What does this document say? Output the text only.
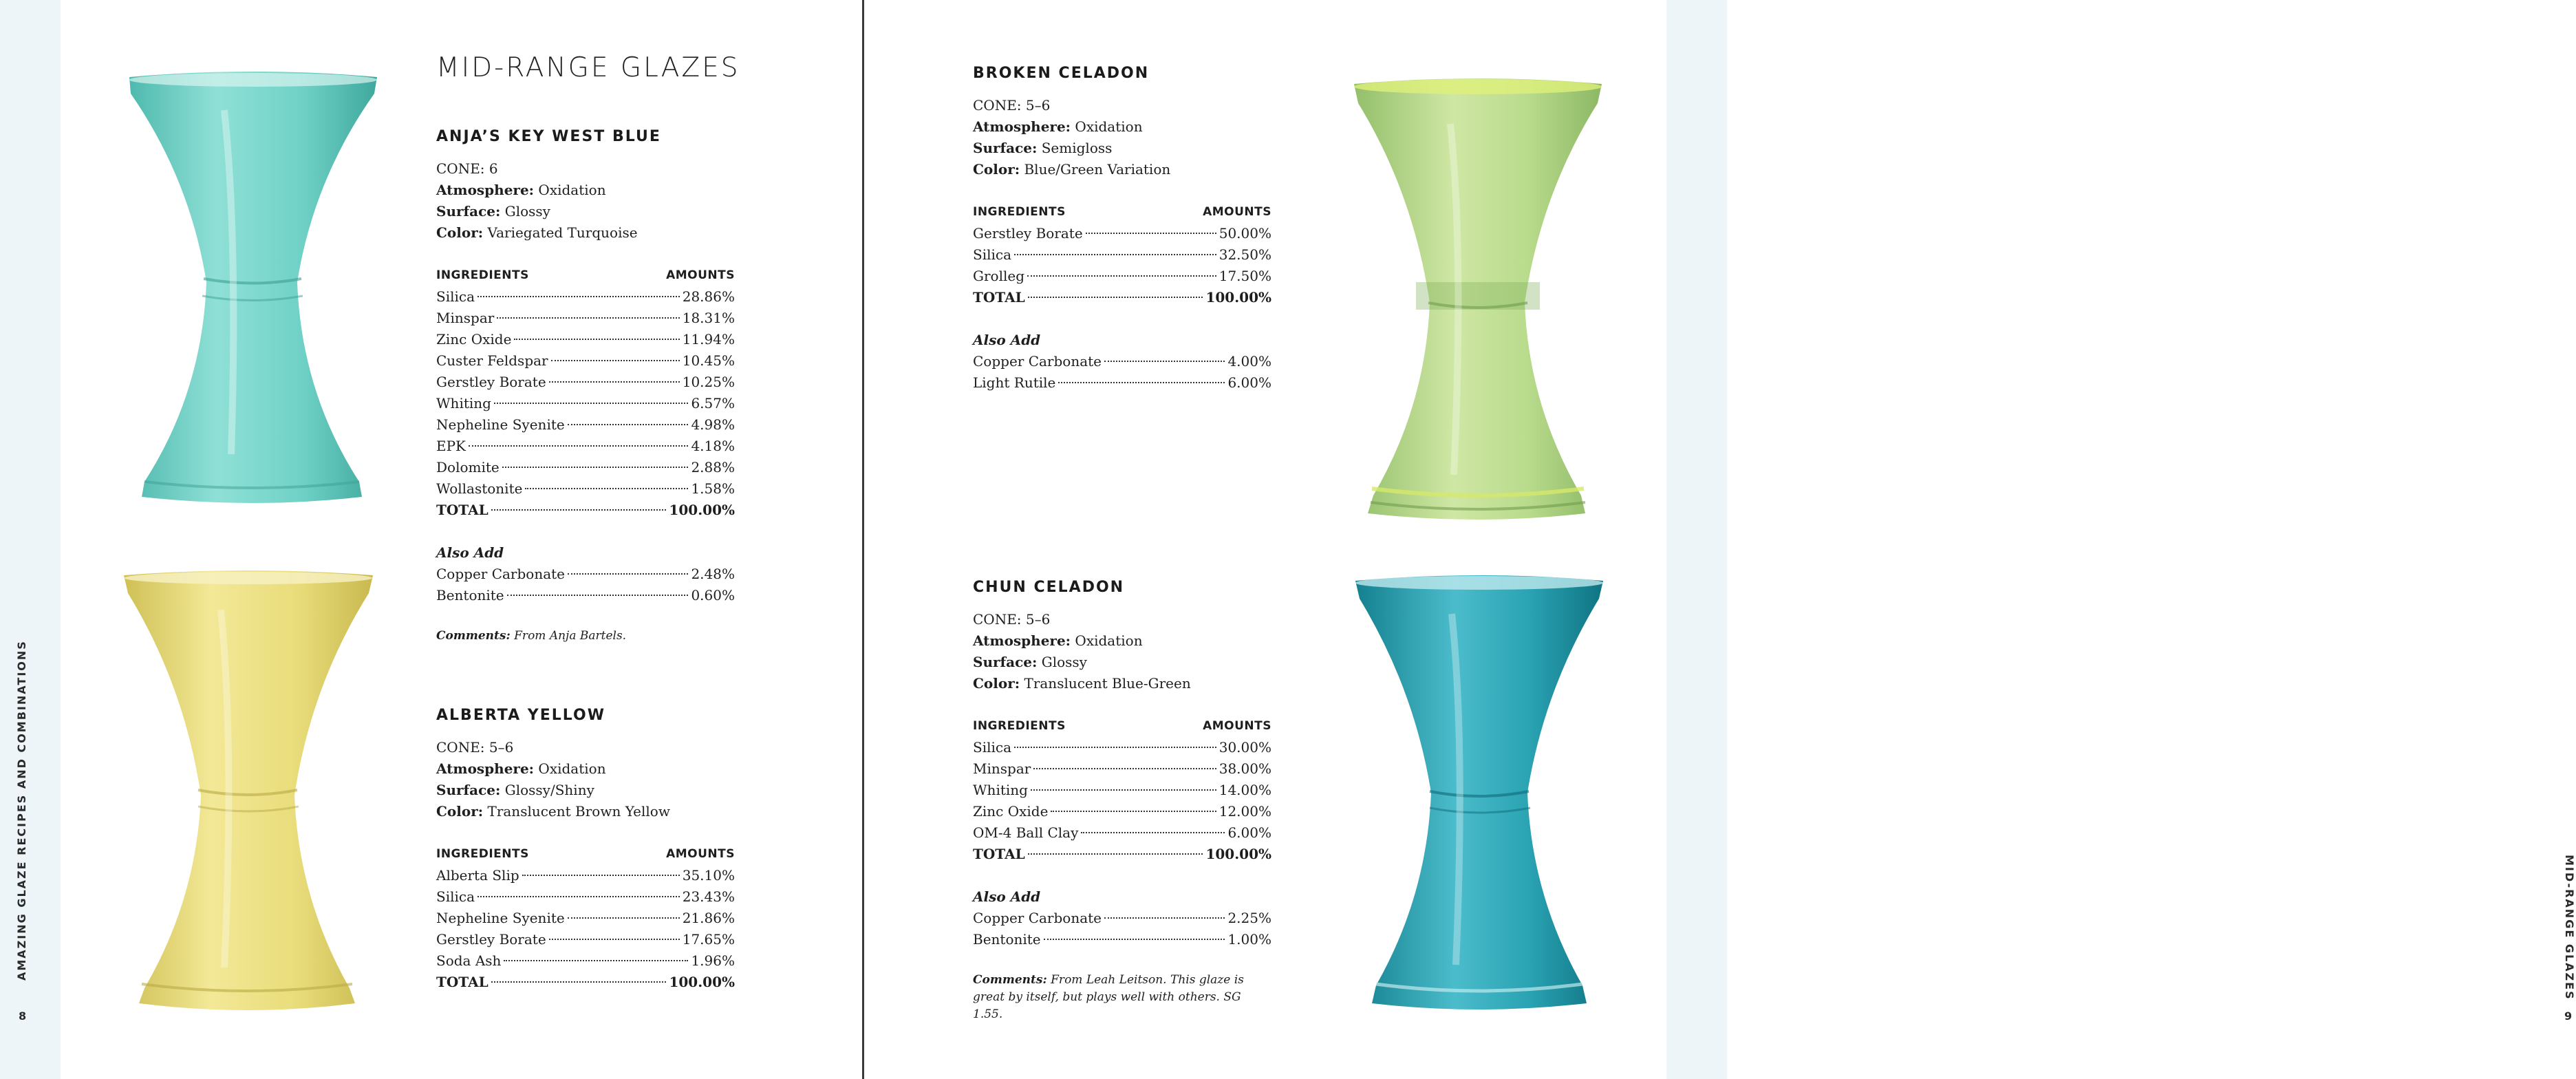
AMAZING GLAZE RECIPES AND COMBINATIONS
8
MID-RANGE GLAZES
ANJA’S KEY WEST BLUE
CONE: 6
Atmosphere: Oxidation
Surface: Glossy
Color: Variegated Turquoise
INGREDIENTS	AMOUNTS
Silica	28.86%
Minspar	18.31%
Zinc Oxide	11.94%
Custer Feldspar	10.45%
Gerstley Borate	10.25%
Whiting	6.57%
Nepheline Syenite	4.98%
EPK	4.18%
Dolomite	2.88%
Wollastonite	1.58%
TOTAL	100.00%
Also Add
Copper Carbonate	2.48%
Bentonite	0.60%
Comments: From Anja Bartels.
ALBERTA YELLOW
CONE: 5–6
Atmosphere: Oxidation
Surface: Glossy/Shiny
Color: Translucent Brown Yellow
INGREDIENTS	AMOUNTS
Alberta Slip	35.10%
Silica	23.43%
Nepheline Syenite	21.86%
Gerstley Borate	17.65%
Soda Ash	1.96%
TOTAL	100.00%
BROKEN CELADON
CONE: 5–6
Atmosphere: Oxidation
Surface: Semigloss
Color: Blue/Green Variation
INGREDIENTS	AMOUNTS
Gerstley Borate	50.00%
Silica	32.50%
Grolleg	17.50%
TOTAL	100.00%
Also Add
Copper Carbonate	4.00%
Light Rutile	6.00%
CHUN CELADON
CONE: 5–6
Atmosphere: Oxidation
Surface: Glossy
Color: Translucent Blue-Green
INGREDIENTS	AMOUNTS
Silica	30.00%
Minspar	38.00%
Whiting	14.00%
Zinc Oxide	12.00%
OM-4 Ball Clay	6.00%
TOTAL	100.00%
Also Add
Copper Carbonate	2.25%
Bentonite	1.00%
Comments: From Leah Leitson. This glaze is great by itself, but plays well with others. SG 1.55.
MID-RANGE GLAZES
9
